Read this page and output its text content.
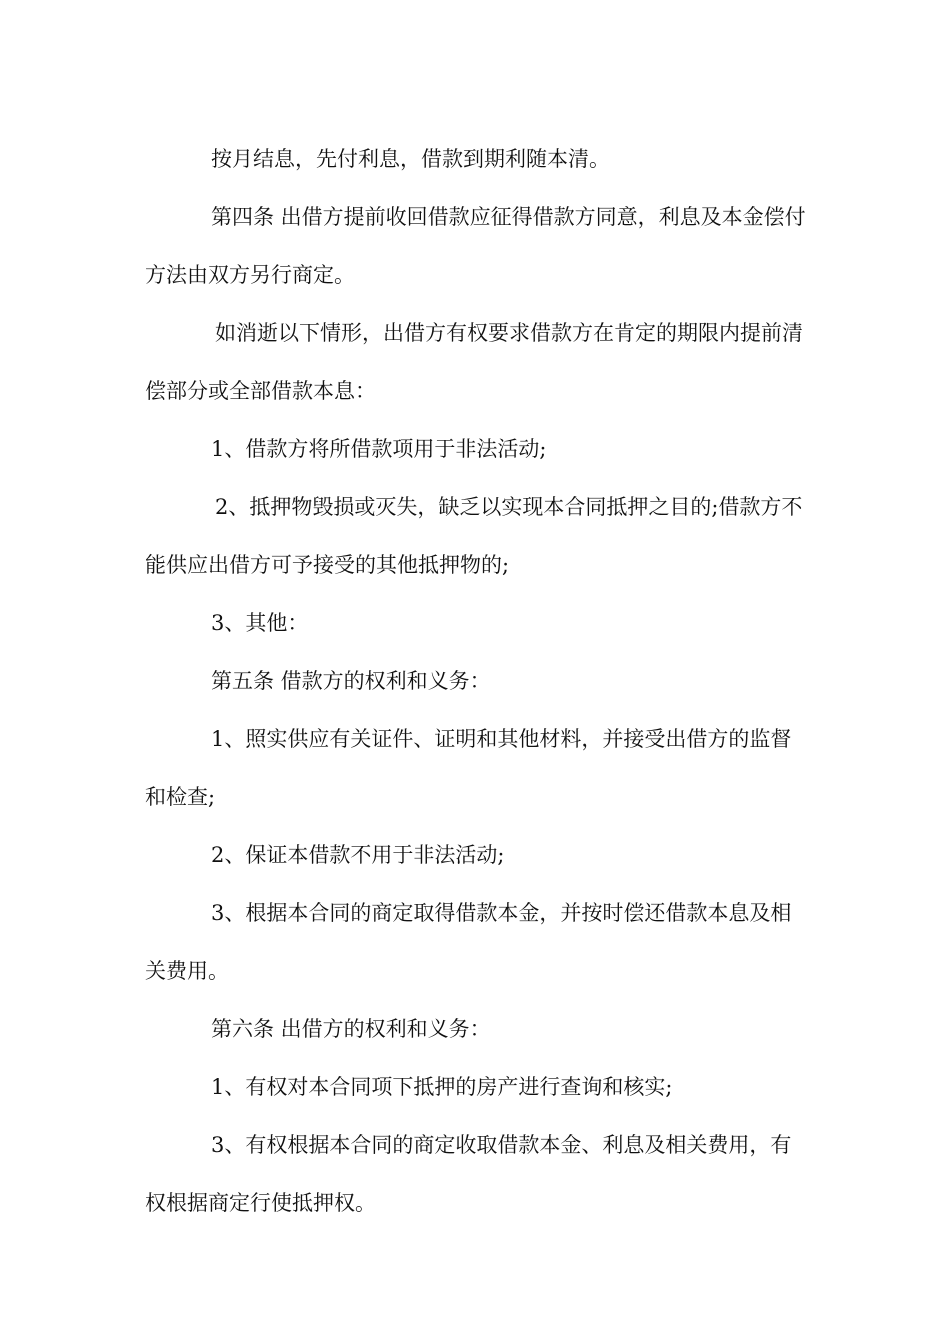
按月结息，先付利息，借款到期利随本清。

第四条 出借方提前收回借款应征得借款方同意，利息及本金偿付方法由双方另行商定。

如消逝以下情形，出借方有权要求借款方在肯定的期限内提前清偿部分或全部借款本息：

1、借款方将所借款项用于非法活动;

2、抵押物毁损或灭失，缺乏以实现本合同抵押之目的;借款方不能供应出借方可予接受的其他抵押物的;

3、其他：

第五条 借款方的权利和义务：

1、照实供应有关证件、证明和其他材料，并接受出借方的监督和检查;

2、保证本借款不用于非法活动;

3、根据本合同的商定取得借款本金，并按时偿还借款本息及相关费用。

第六条 出借方的权利和义务：

1、有权对本合同项下抵押的房产进行查询和核实;

3、有权根据本合同的商定收取借款本金、利息及相关费用，有权根据商定行使抵押权。
